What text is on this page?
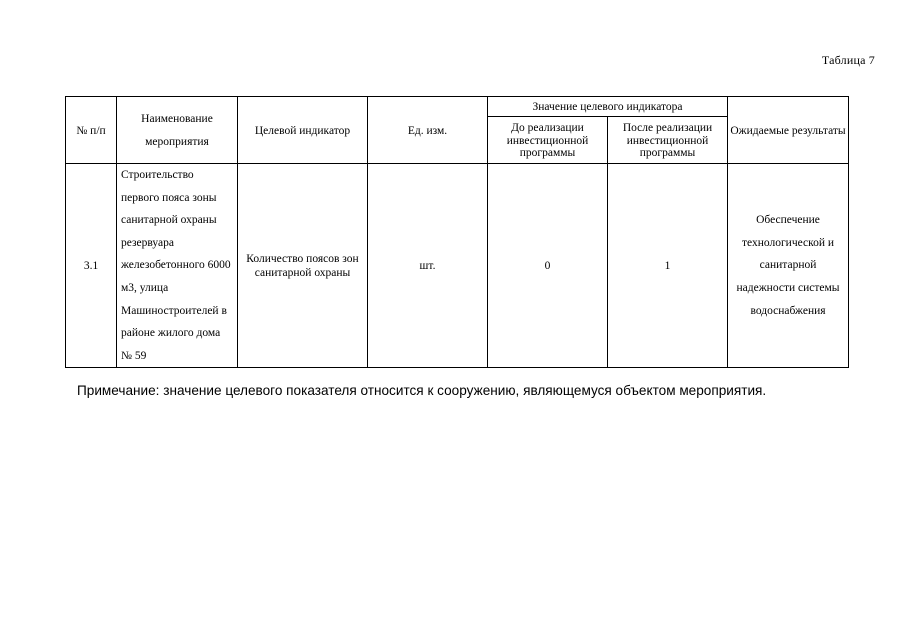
Таблица 7
№ п/п	Наименование мероприятия	Целевой индикатор	Ед. изм.	Значение целевого индикатора		Ожидаемые результаты
				До реализации инвестиционной программы	После реализации инвестиционной программы	
3.1	Строительство первого пояса зоны санитарной охраны резервуара железобетонного 6000 м3, улица Машиностроителей в районе жилого дома № 59	Количество поясов зон санитарной охраны	шт.	0	1	Обеспечение технологической и санитарной надежности системы водоснабжения
Примечание: значение целевого показателя относится к сооружению, являющемуся объектом мероприятия.
